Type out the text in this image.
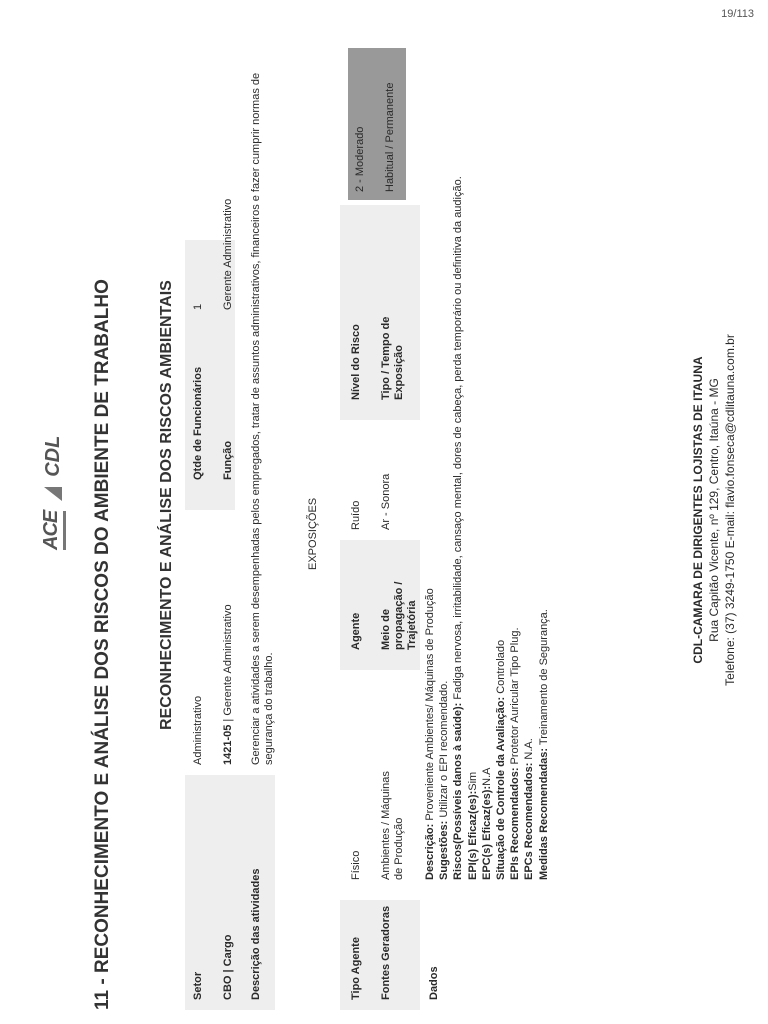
19/113
ACE
CDL 11 - RECONHECIMENTO E ANÁLISE DOS RISCOS DO AMBIENTE DE TRABALHO	RECONHECIMENTO E ANÁLISE DOS RISCOS AMBIENTAIS
Setor
Administrativo
CBO | Cargo
1421-05 | Gerente Administrativo
Qtde de Funcionários
1
Função
Gerente Administrativo
Descrição das atividades
Gerenciar a atividades a serem desempenhadas pelos empregados, tratar de assuntos administrativos, financeiros e fazer cumprir normas de segurança do trabalho.
EXPOSIÇÕES
Tipo Agente
Físico
Agente
Ruído
Nível do Risco
2 - Moderado
Fontes Geradoras
Ambientes / Máquinas de Produção
Meio de propagação / Trajetória
Ar - Sonora
Tipo / Tempo de Exposição
Habitual / Permanente
Dados
Descrição: Proveniente Ambientes/ Máquinas de Produção
Sugestões: Utilizar o EPI recomendado. Riscos(Possíveis danos à saúde): Fadiga nervosa, irritabilidade, cansaço mental, dores de cabeça, perda temporário ou definitiva da audição.
EPI(s) Eficaz(es):Sim
EPC(s) Eficaz(es):N.A Situação de Controle da Avaliação: Controlado
EPIs Recomendados: Protetor Auricular Tipo Plug.
EPCs Recomendados: N.A. Medidas Recomendadas: Treinamento de Segurança.
CDL-CAMARA DE DIRIGENTES LOJISTAS DE ITAUNA Rua Capitão Vicente, nº 129, Centro, Itaúna - MG Telefone: (37) 3249-1750 E-mail: flavio.fonseca@cdlitauna.com.br
